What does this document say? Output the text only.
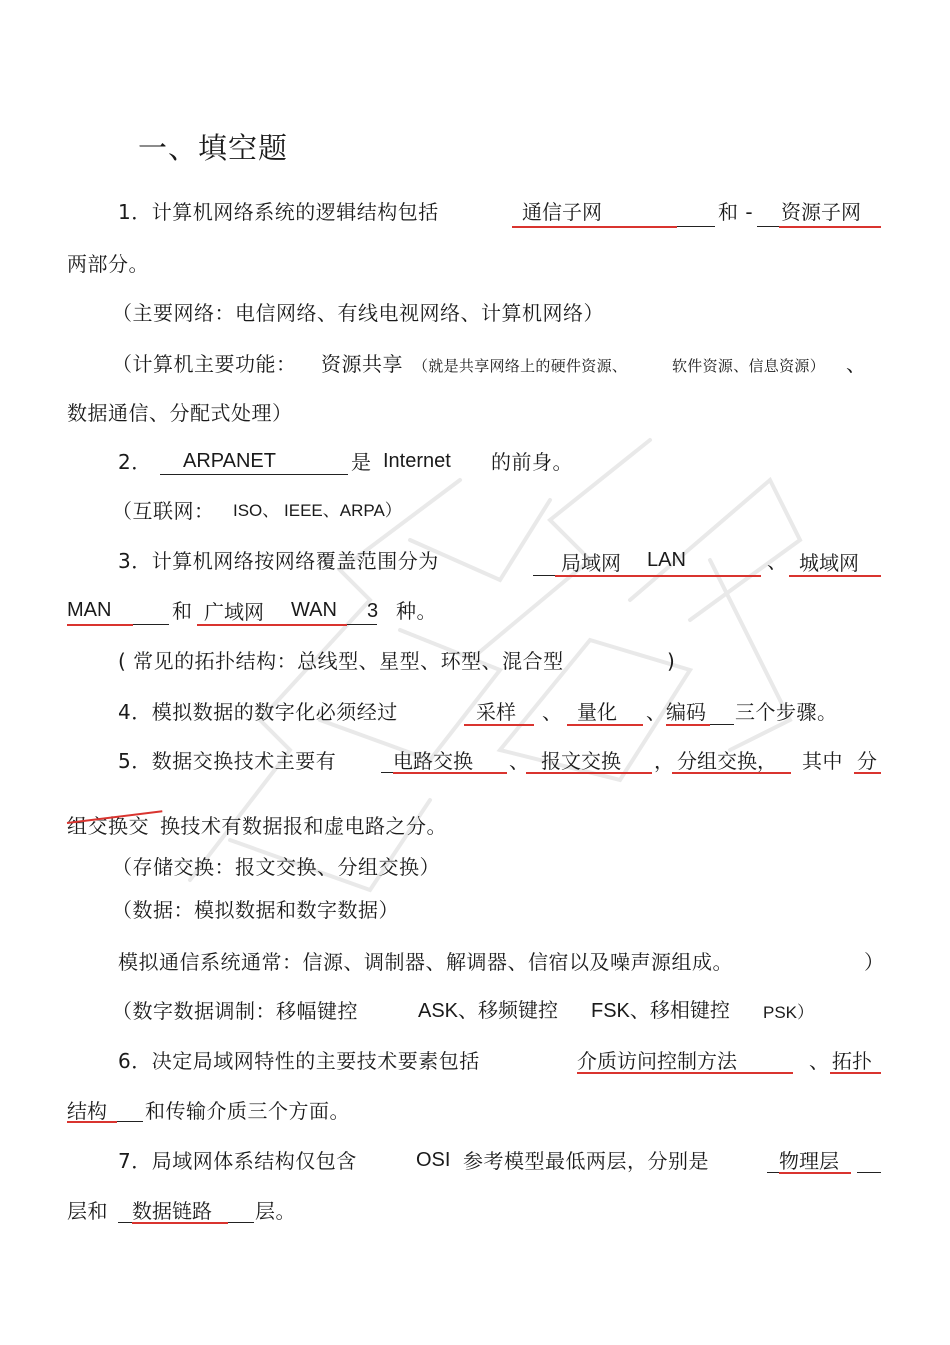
一、填空题
1．计算机网络系统的逻辑结构包括	通信子网	和 - 资源子网
两部分。
（主要网络：电信网络、有线电视网络、计算机网络）
（计算机主要功能： 资源共享 （就是共享网络上的硬件资源、	软件资源、信息资源） 、
数据通信、分配式处理）
2． ARPANET	是 Internet 的前身。
（互联网： ISO、 IEEE、ARPA）
3．计算机网络按网络覆盖范围分为	局域网 LAN	、 城域网
MAN	和 广域网 WAN 3 种。
( 常见的拓扑结构：总线型、星型、环型、混合型	)
4．模拟数据的数字化必须经过	采样 、 量化 、 编码 三个步骤。
5．数据交换技术主要有	电路交换 、 报文交换 ， 分组交换， 其中 分
组交换交 换技术有数据报和虚电路之分。
（存储交换：报文交换、分组交换）
（数据：模拟数据和数字数据）
模拟通信系统通常：信源、调制器、解调器、信宿以及噪声源组成。	）
（数字数据调制：移幅键控	ASK、移频键控 FSK、移相键控 PSK）
6．决定局域网特性的主要技术要素包括	介质访问控制方法	、 拓扑
结构 和传输介质三个方面。
7．局域网体系结构仅包含	OSI 参考模型最低两层，分别是	物理层
层和 数据链路 层。
